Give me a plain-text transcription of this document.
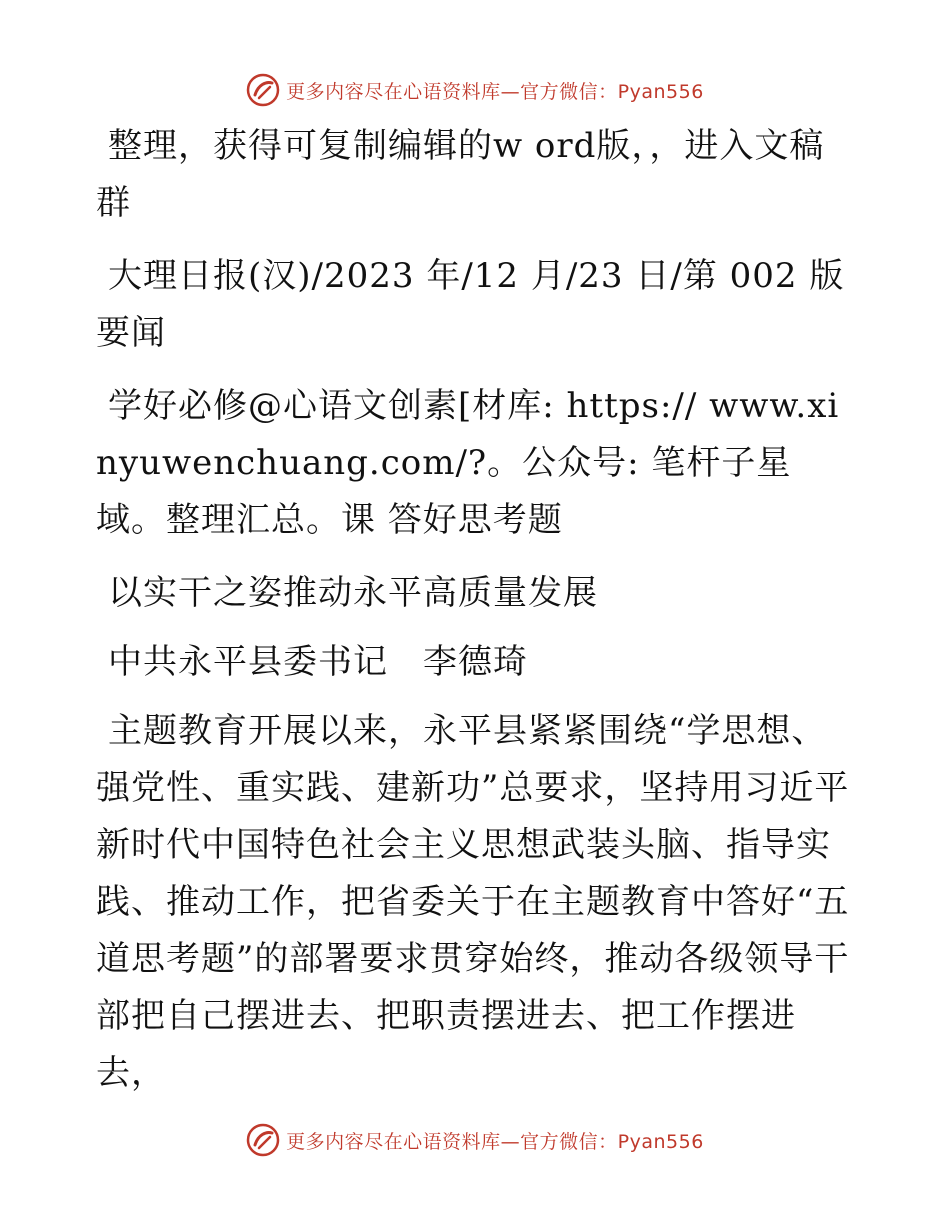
更多内容尽在心语资料库—官方微信：Pyan556

整理，获得可复制编辑的w ord版，，进入文稿群

大理日报(汉)/2023 年/12 月/23 日/第 002 版要闻

学好必修@心语文创素[材库: https:// www.xinyuwenchuang.com/?。公众号: 笔杆子星域。整理汇总。课 答好思考题

以实干之姿推动永平高质量发展

中共永平县委书记　李德琦

主题教育开展以来，永平县紧紧围绕“学思想、强党性、重实践、建新功”总要求，坚持用习近平新时代中国特色社会主义思想武装头脑、指导实践、推动工作，把省委关于在主题教育中答好“五道思考题”的部署要求贯穿始终，推动各级领导干部把自己摆进去、把职责摆进去、把工作摆进去，

更多内容尽在心语资料库—官方微信：Pyan556
